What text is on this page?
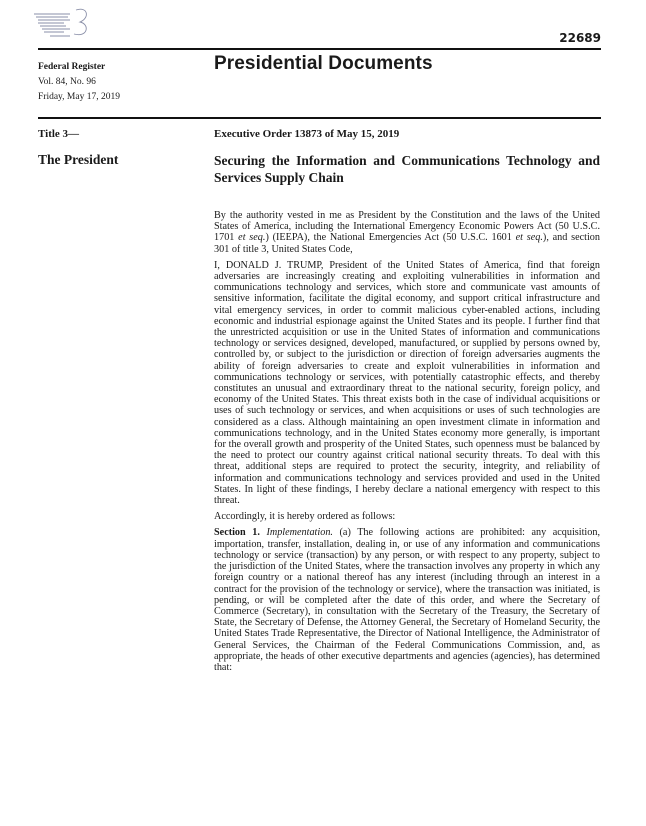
22689
Federal Register
Vol. 84, No. 96
Friday, May 17, 2019
Presidential Documents
Title 3—
The President
Executive Order 13873 of May 15, 2019
Securing the Information and Communications Technology and Services Supply Chain

By the authority vested in me as President by the Constitution and the laws of the United States of America, including the International Emergency Economic Powers Act (50 U.S.C. 1701 et seq.) (IEEPA), the National Emergencies Act (50 U.S.C. 1601 et seq.), and section 301 of title 3, United States Code,

I, DONALD J. TRUMP, President of the United States of America, find that foreign adversaries are increasingly creating and exploiting vulnerabilities in information and communications technology and services, which store and communicate vast amounts of sensitive information, facilitate the digital economy, and support critical infrastructure and vital emergency services, in order to commit malicious cyber-enabled actions, including economic and industrial espionage against the United States and its people. I further find that the unrestricted acquisition or use in the United States of information and communications technology or services designed, developed, manufactured, or supplied by persons owned by, controlled by, or subject to the jurisdiction or direction of foreign adversaries augments the ability of foreign adversaries to create and exploit vulnerabilities in information and communications technology or services, with potentially catastrophic effects, and thereby constitutes an unusual and extraordinary threat to the national security, foreign policy, and economy of the United States. This threat exists both in the case of individual acquisitions or uses of such technology or services, and when acquisitions or uses of such technologies are considered as a class. Although maintaining an open investment climate in information and communications technology, and in the United States economy more generally, is important for the overall growth and prosperity of the United States, such openness must be balanced by the need to protect our country against critical national security threats. To deal with this threat, additional steps are required to protect the security, integrity, and reliability of information and communications technology and services provided and used in the United States. In light of these findings, I hereby declare a national emergency with respect to this threat.

Accordingly, it is hereby ordered as follows:

Section 1. Implementation. (a) The following actions are prohibited: any acquisition, importation, transfer, installation, dealing in, or use of any information and communications technology or service (transaction) by any person, or with respect to any property, subject to the jurisdiction of the United States, where the transaction involves any property in which any foreign country or a national thereof has any interest (including through an interest in a contract for the provision of the technology or service), where the transaction was initiated, is pending, or will be completed after the date of this order, and where the Secretary of Commerce (Secretary), in consultation with the Secretary of the Treasury, the Secretary of State, the Secretary of Defense, the Attorney General, the Secretary of Homeland Security, the United States Trade Representative, the Director of National Intelligence, the Administrator of General Services, the Chairman of the Federal Communications Commission, and, as appropriate, the heads of other executive departments and agencies (agencies), has determined that:
